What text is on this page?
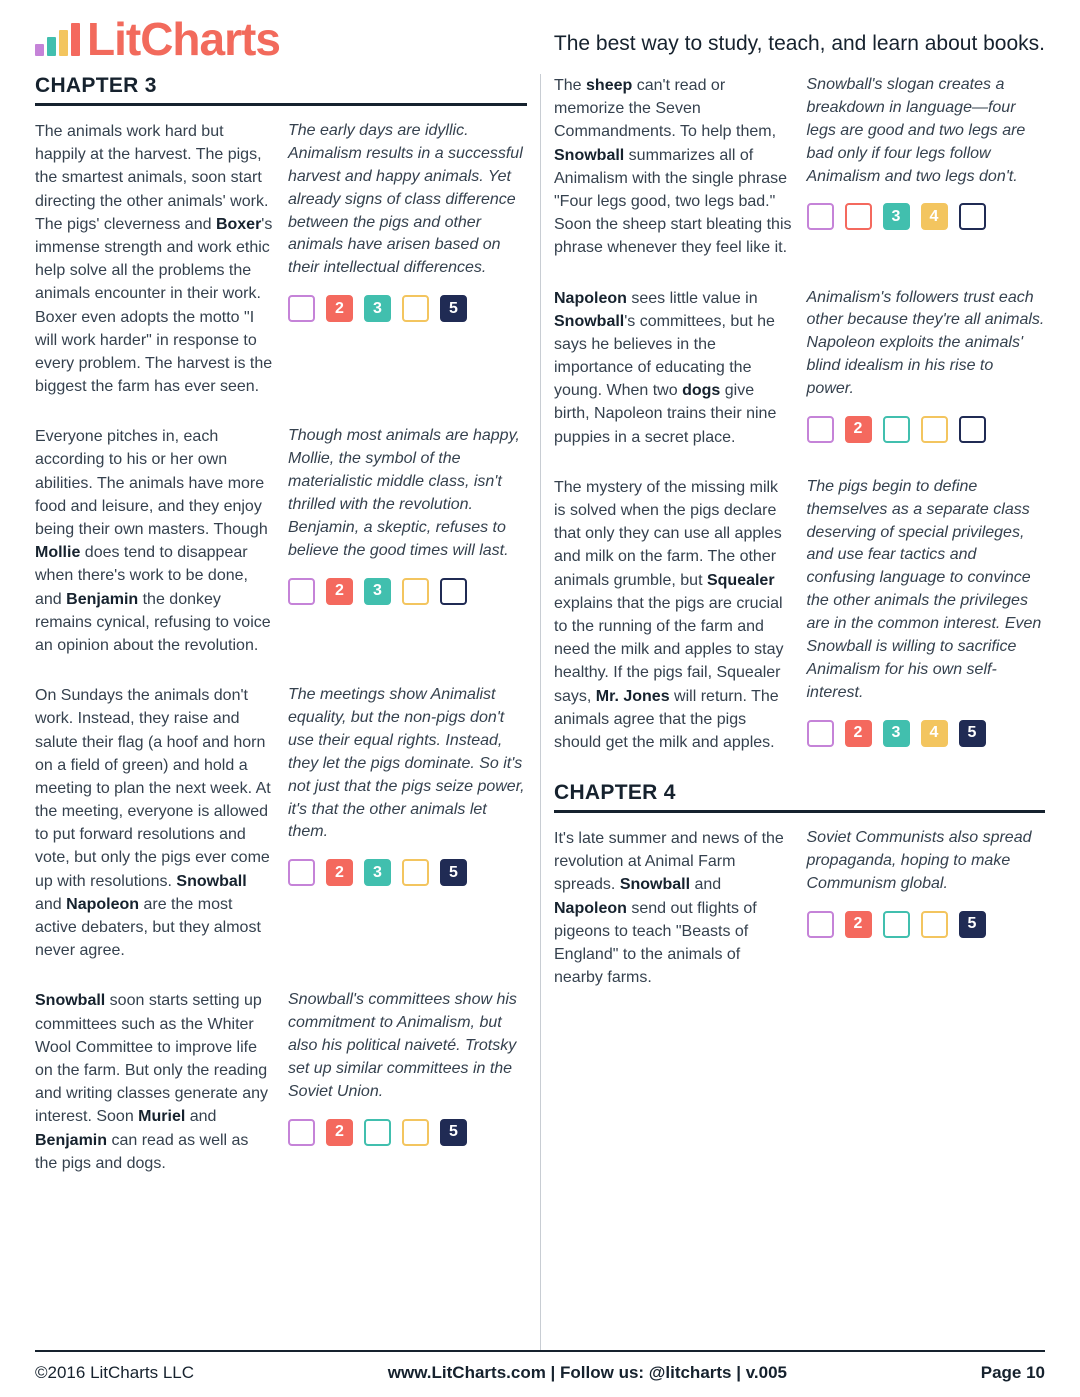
LitCharts	The best way to study, teach, and learn about books.
CHAPTER 3
The animals work hard but happily at the harvest. The pigs, the smartest animals, soon start directing the other animals' work. The pigs' cleverness and Boxer's immense strength and work ethic help solve all the problems the animals encounter in their work. Boxer even adopts the motto "I will work harder" in response to every problem. The harvest is the biggest the farm has ever seen.
The early days are idyllic. Animalism results in a successful harvest and happy animals. Yet already signs of class difference between the pigs and other animals have arisen based on their intellectual differences.
2	3	5
Everyone pitches in, each according to his or her own abilities. The animals have more food and leisure, and they enjoy being their own masters. Though Mollie does tend to disappear when there's work to be done, and Benjamin the donkey remains cynical, refusing to voice an opinion about the revolution.
Though most animals are happy, Mollie, the symbol of the materialistic middle class, isn't thrilled with the revolution. Benjamin, a skeptic, refuses to believe the good times will last.
2	3
On Sundays the animals don't work. Instead, they raise and salute their flag (a hoof and horn on a field of green) and hold a meeting to plan the next week. At the meeting, everyone is allowed to put forward resolutions and vote, but only the pigs ever come up with resolutions. Snowball and Napoleon are the most active debaters, but they almost never agree.
The meetings show Animalist equality, but the non-pigs don't use their equal rights. Instead, they let the pigs dominate. So it's not just that the pigs seize power, it's that the other animals let them.
2	3	5
Snowball soon starts setting up committees such as the Whiter Wool Committee to improve life on the farm. But only the reading and writing classes generate any interest. Soon Muriel and Benjamin can read as well as the pigs and dogs.
Snowball's committees show his commitment to Animalism, but also his political naiveté. Trotsky set up similar committees in the Soviet Union.
2	5
The sheep can't read or memorize the Seven Commandments. To help them, Snowball summarizes all of Animalism with the single phrase "Four legs good, two legs bad." Soon the sheep start bleating this phrase whenever they feel like it.
Snowball's slogan creates a breakdown in language—four legs are good and two legs are bad only if four legs follow Animalism and two legs don't.
3	4
Napoleon sees little value in Snowball's committees, but he says he believes in the importance of educating the young. When two dogs give birth, Napoleon trains their nine puppies in a secret place.
Animalism's followers trust each other because they're all animals. Napoleon exploits the animals' blind idealism in his rise to power.
2
The mystery of the missing milk is solved when the pigs declare that only they can use all apples and milk on the farm. The other animals grumble, but Squealer explains that the pigs are crucial to the running of the farm and need the milk and apples to stay healthy. If the pigs fail, Squealer says, Mr. Jones will return. The animals agree that the pigs should get the milk and apples.
The pigs begin to define themselves as a separate class deserving of special privileges, and use fear tactics and confusing language to convince the other animals the privileges are in the common interest. Even Snowball is willing to sacrifice Animalism for his own self-interest.
2	3	4	5
CHAPTER 4
It's late summer and news of the revolution at Animal Farm spreads. Snowball and Napoleon send out flights of pigeons to teach "Beasts of England" to the animals of nearby farms.
Soviet Communists also spread propaganda, hoping to make Communism global.
2	5
©2016 LitCharts LLC	www.LitCharts.com | Follow us: @litcharts | v.005	Page 10
